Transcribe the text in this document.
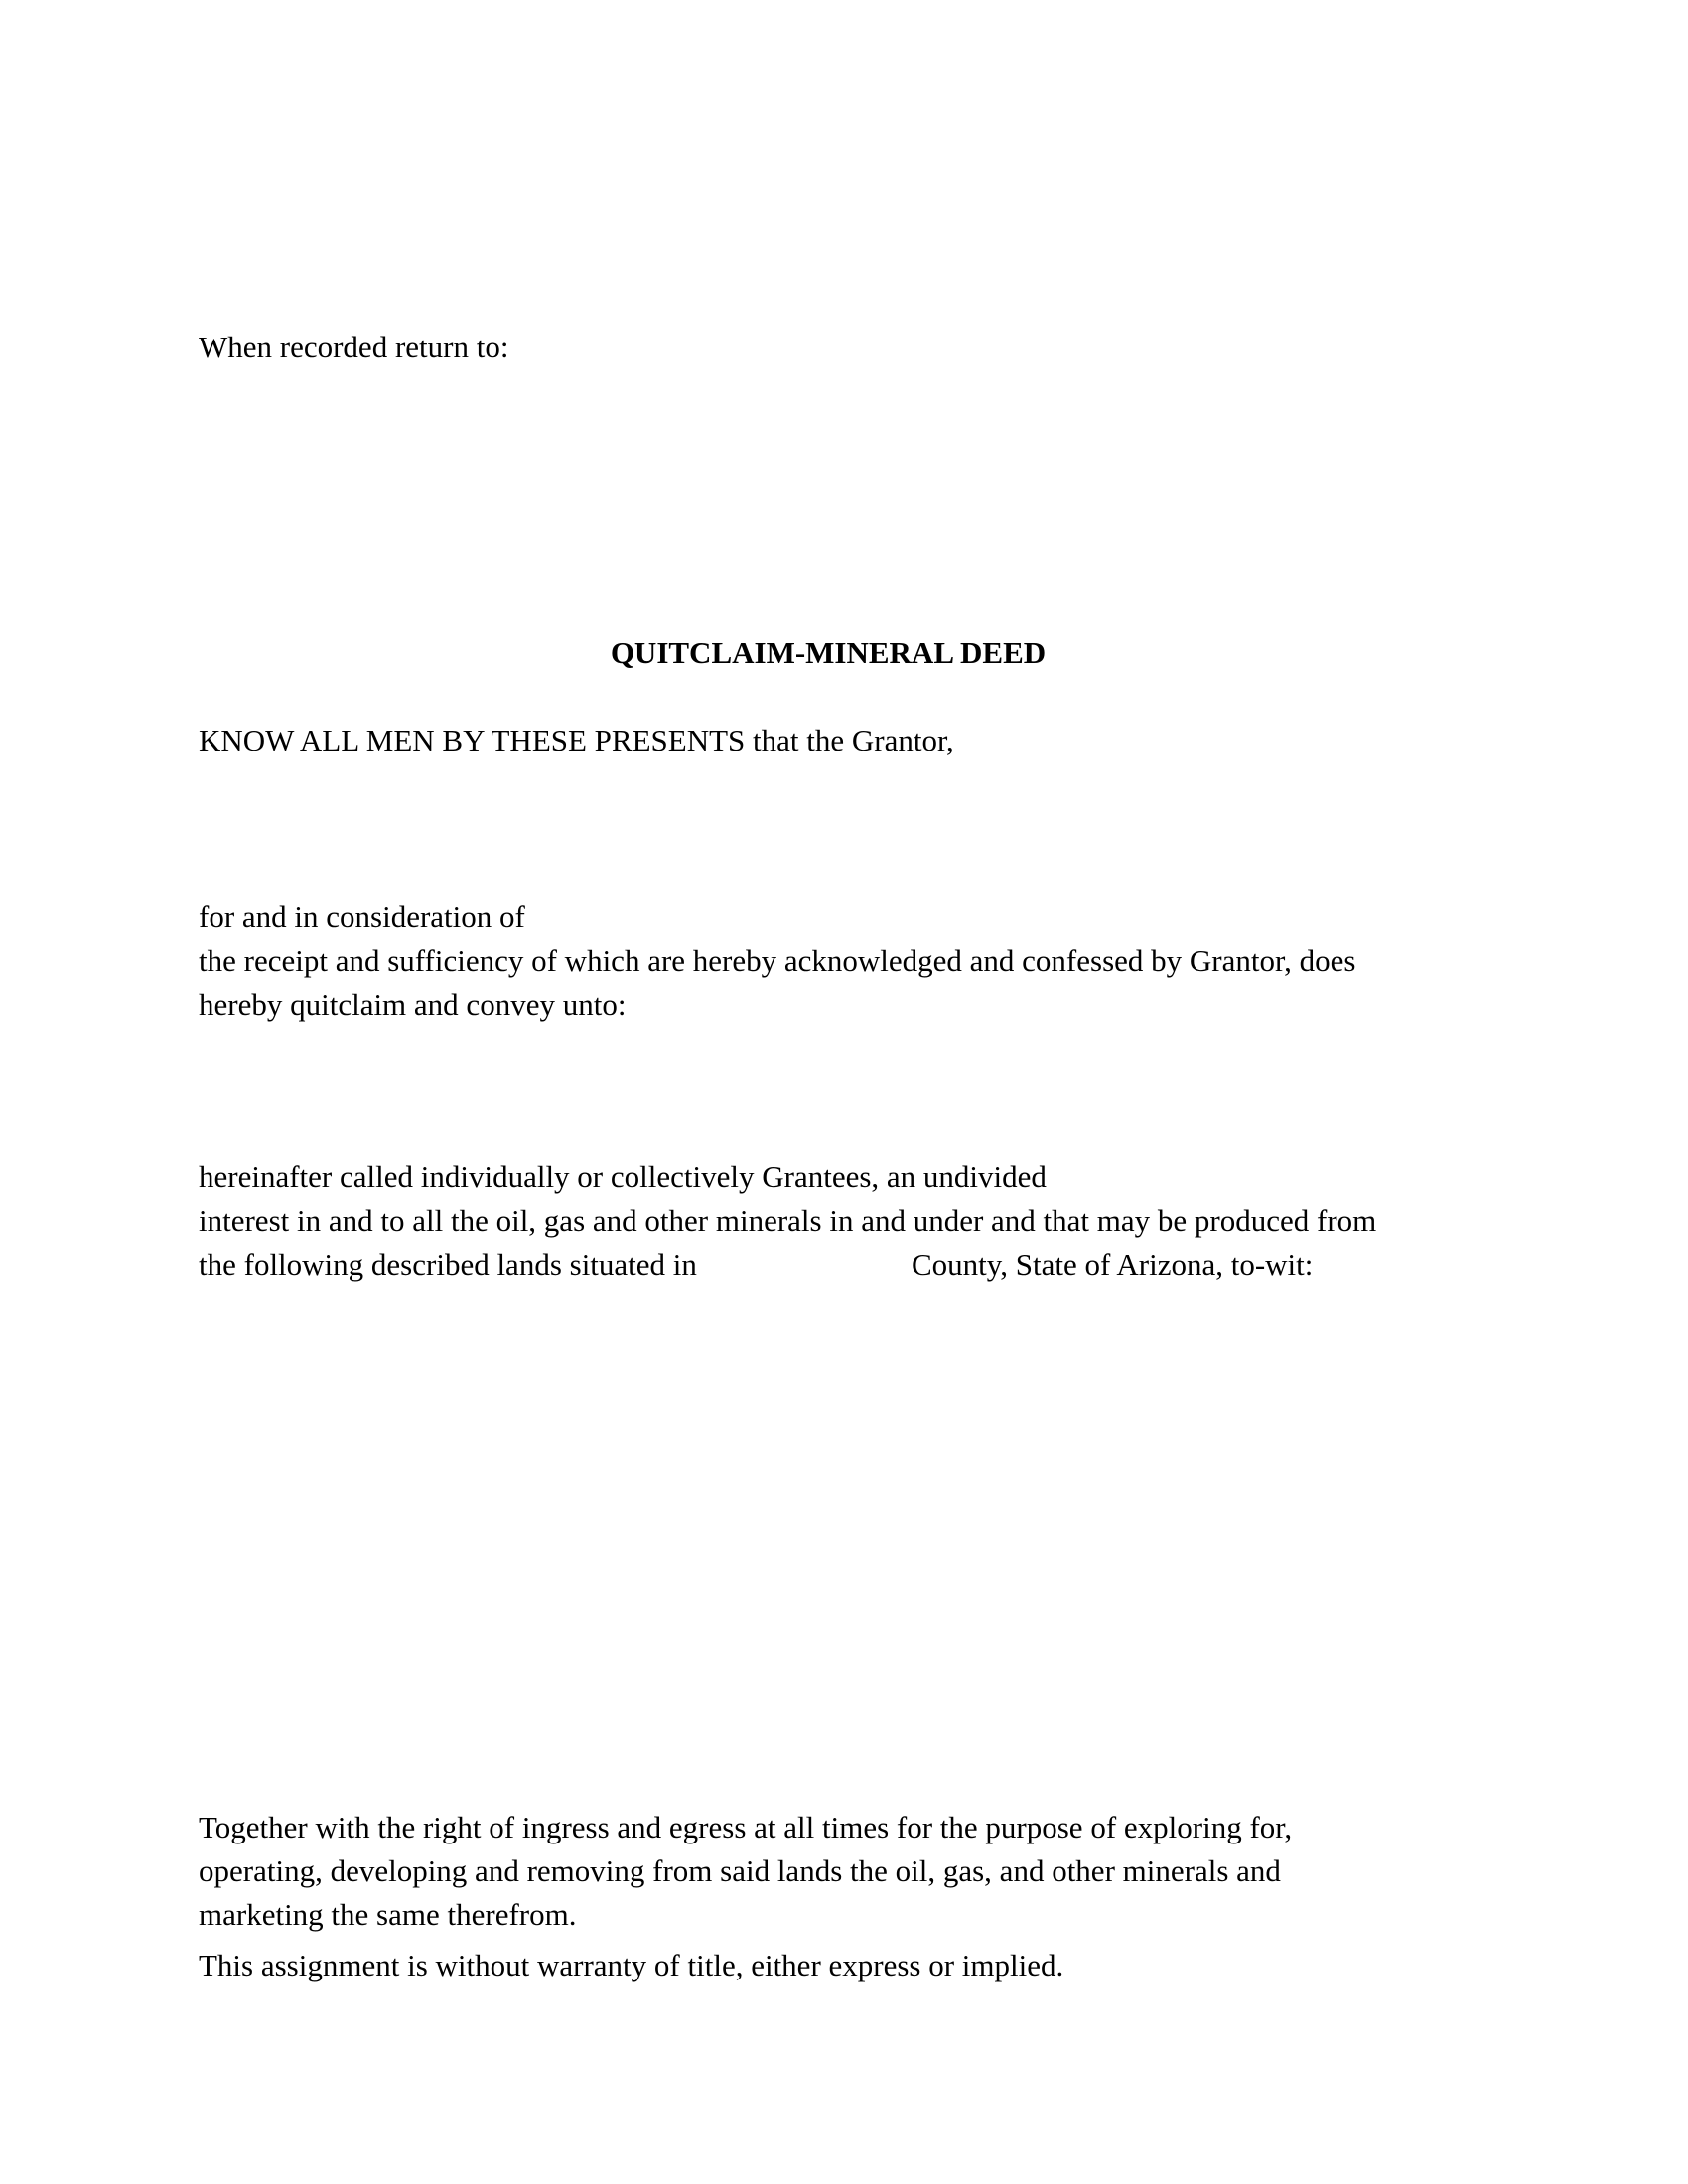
When recorded return to:

QUITCLAIM-MINERAL DEED

KNOW ALL MEN BY THESE PRESENTS that the Grantor,

for and in consideration of

the receipt and sufficiency of which are hereby acknowledged and confessed by Grantor, does

hereby quitclaim and convey unto:

hereinafter called individually or collectively Grantees, an undivided

interest in and to all the oil, gas and other minerals in and under and that may be produced from

the following described lands situated in	County, State of Arizona, to-wit:

Together with the right of ingress and egress at all times for the purpose of exploring for,

operating, developing and removing from said lands the oil, gas, and other minerals and

marketing the same therefrom.

This assignment is without warranty of title, either express or implied.
